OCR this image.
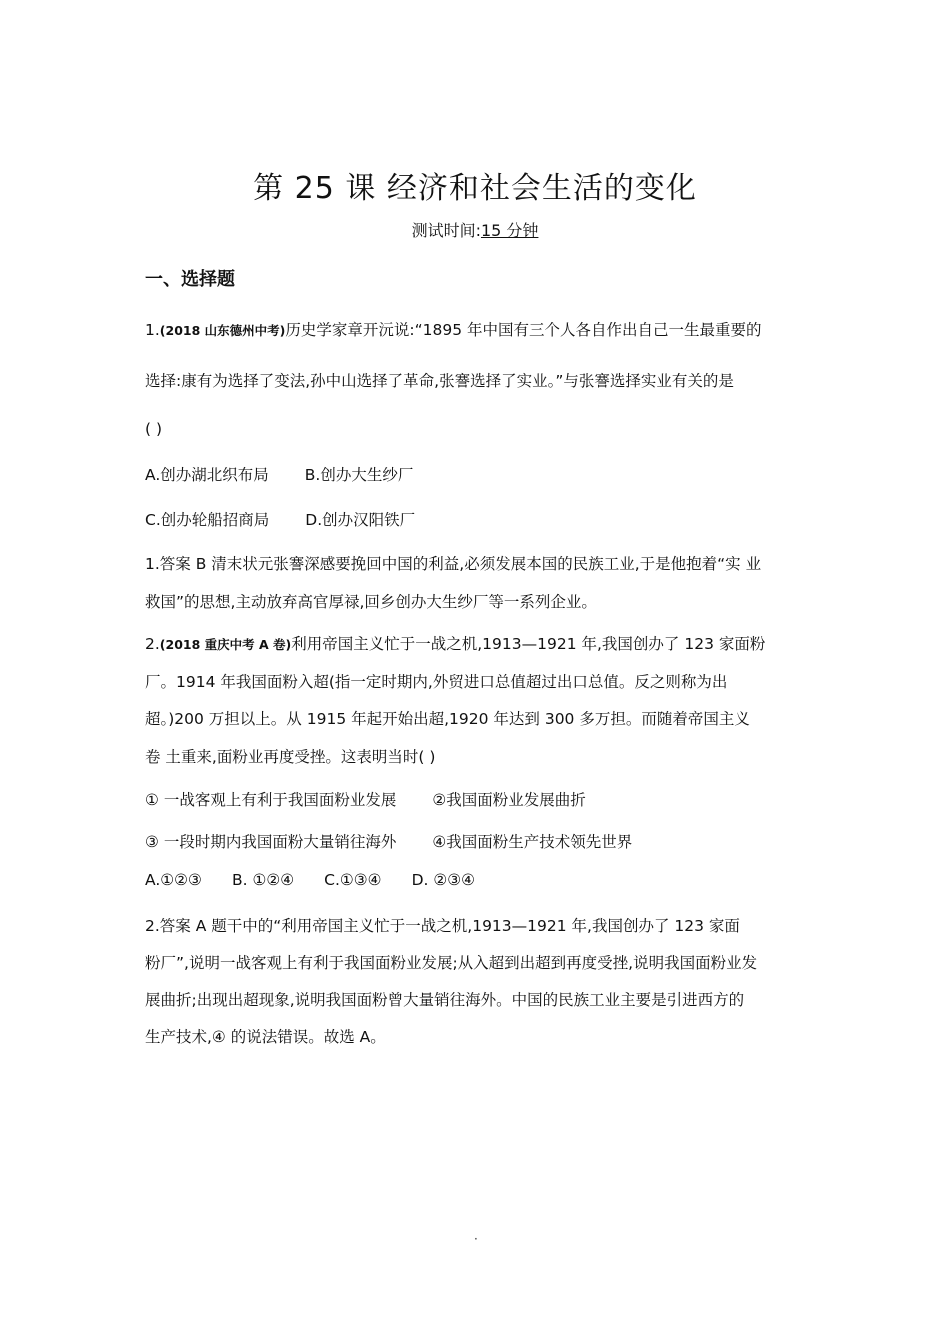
第 25 课 经济和社会生活的变化
测试时间:15 分钟
一、选择题
1.(2018 山东德州中考)历史学家章开沅说:“1895 年中国有三个人各自作出自己一生最重要的
选择:康有为选择了变法,孙中山选择了革命,张謇选择了实业。”与张謇选择实业有关的是
( )
A.创办湖北织布局 B.创办大生纱厂
C.创办轮船招商局 D.创办汉阳铁厂
1.答案 B 清末状元张謇深感要挽回中国的利益,必须发展本国的民族工业,于是他抱着“实 业
救国”的思想,主动放弃高官厚禄,回乡创办大生纱厂等一系列企业。
2.(2018 重庆中考 A 卷)利用帝国主义忙于一战之机,1913—1921 年,我国创办了 123 家面粉
厂。1914 年我国面粉入超(指一定时期内,外贸进口总值超过出口总值。反之则称为出
超。)200 万担以上。从 1915 年起开始出超,1920 年达到 300 多万担。而随着帝国主义
卷 土重来,面粉业再度受挫。这表明当时( )
① 一战客观上有利于我国面粉业发展 ②我国面粉业发展曲折
③ 一段时期内我国面粉大量销往海外 ④我国面粉生产技术领先世界
A.①②③ B. ①②④ C.①③④ D. ②③④
2.答案 A 题干中的“利用帝国主义忙于一战之机,1913—1921 年,我国创办了 123 家面
粉厂”,说明一战客观上有利于我国面粉业发展;从入超到出超到再度受挫,说明我国面粉业发
展曲折;出现出超现象,说明我国面粉曾大量销往海外。中国的民族工业主要是引进西方的
生产技术,④ 的说法错误。故选 A。
·
